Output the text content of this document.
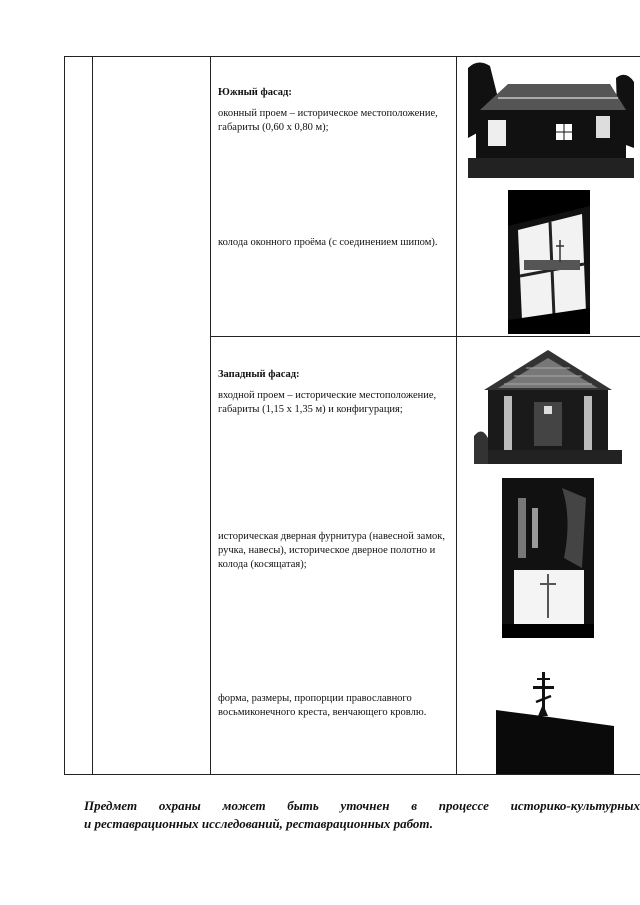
Южный фасад:
оконный проем – историческое местоположение, габариты (0,60 х 0,80 м);
колода оконного проёма (с соединением шипом).
Западный фасад:
входной проем – исторические местоположение, габариты (1,15 х 1,35 м) и конфигурация;
историческая дверная фурнитура (навесной замок, ручка, навесы), историческое дверное полотно и колода (косящатая);
форма, размеры, пропорции православного восьмиконечного креста, венчающего кровлю.
Предмет охраны может быть уточнен в процессе историко-культурных
и реставрационных исследований, реставрационных работ.
